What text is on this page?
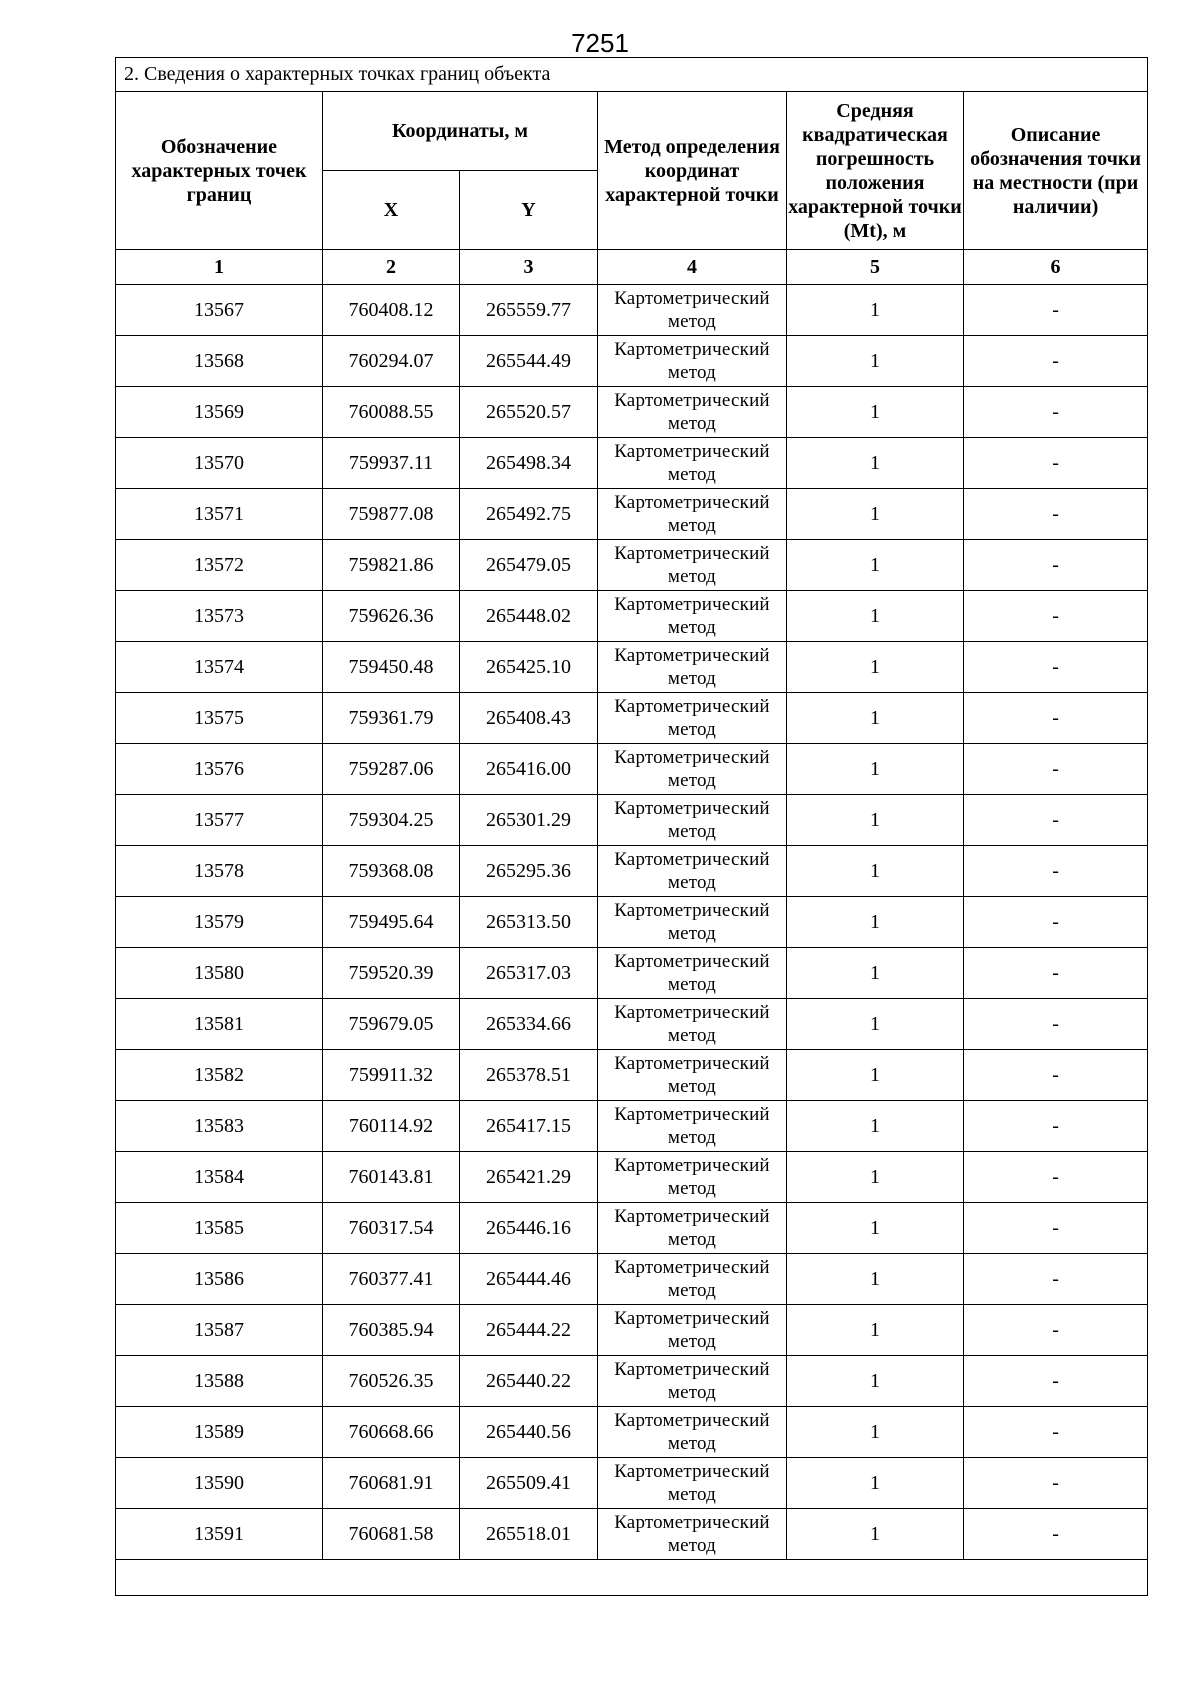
7251
2. Сведения о характерных точках границ объекта					
Обозначение характерных точек границ	Координаты, м		Метод определения координат характерной точки	Средняя квадратическая погрешность положения характерной точки (Mt), м	Описание обозначения точки на местности (при наличии)
	X	Y			
1	2	3	4	5	6
13567	760408.12	265559.77	Картометрический метод	1	-
13568	760294.07	265544.49	Картометрический метод	1	-
13569	760088.55	265520.57	Картометрический метод	1	-
13570	759937.11	265498.34	Картометрический метод	1	-
13571	759877.08	265492.75	Картометрический метод	1	-
13572	759821.86	265479.05	Картометрический метод	1	-
13573	759626.36	265448.02	Картометрический метод	1	-
13574	759450.48	265425.10	Картометрический метод	1	-
13575	759361.79	265408.43	Картометрический метод	1	-
13576	759287.06	265416.00	Картометрический метод	1	-
13577	759304.25	265301.29	Картометрический метод	1	-
13578	759368.08	265295.36	Картометрический метод	1	-
13579	759495.64	265313.50	Картометрический метод	1	-
13580	759520.39	265317.03	Картометрический метод	1	-
13581	759679.05	265334.66	Картометрический метод	1	-
13582	759911.32	265378.51	Картометрический метод	1	-
13583	760114.92	265417.15	Картометрический метод	1	-
13584	760143.81	265421.29	Картометрический метод	1	-
13585	760317.54	265446.16	Картометрический метод	1	-
13586	760377.41	265444.46	Картометрический метод	1	-
13587	760385.94	265444.22	Картометрический метод	1	-
13588	760526.35	265440.22	Картометрический метод	1	-
13589	760668.66	265440.56	Картометрический метод	1	-
13590	760681.91	265509.41	Картометрический метод	1	-
13591	760681.58	265518.01	Картометрический метод	1	-
